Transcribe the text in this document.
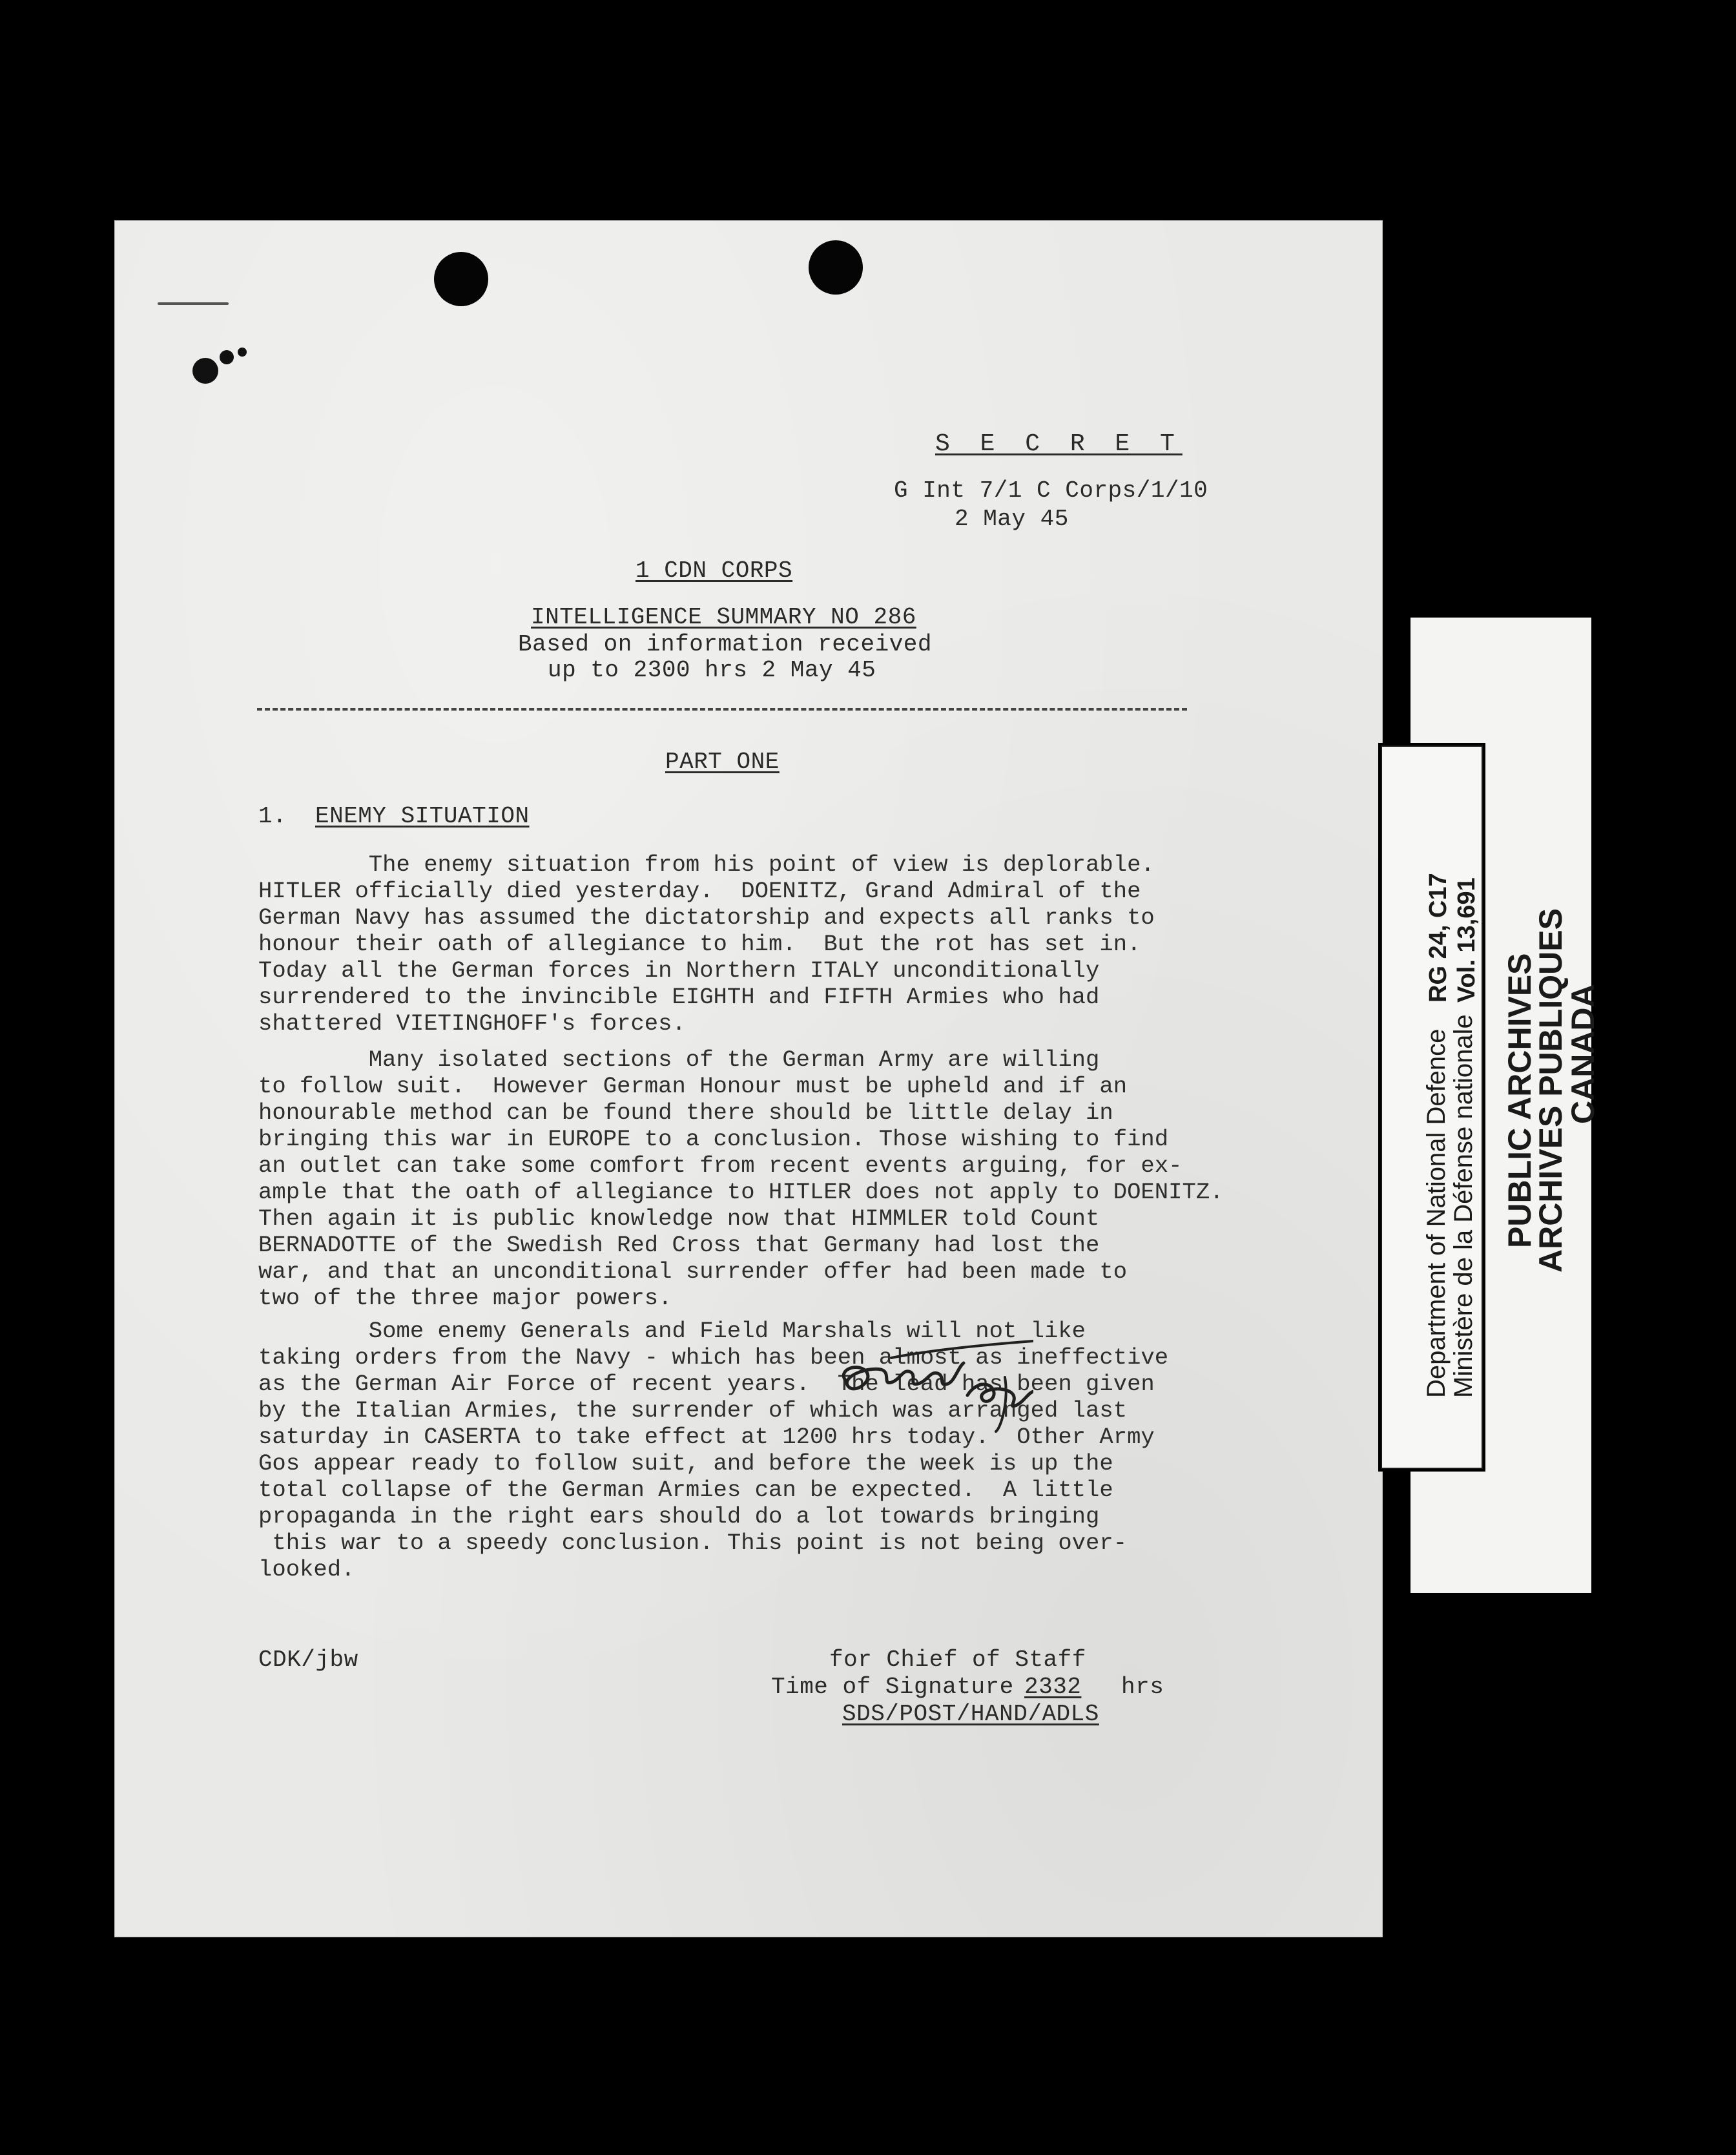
S E C R E T
G Int 7/1 C Corps/1/10
2 May 45
1 CDN CORPS
INTELLIGENCE SUMMARY NO 286
Based on information received
up to 2300 hrs 2 May 45
PART ONE
1. ENEMY SITUATION
The enemy situation from his point of view is deplorable.
HITLER officially died yesterday.  DOENITZ, Grand Admiral of the
German Navy has assumed the dictatorship and expects all ranks to
honour their oath of allegiance to him.  But the rot has set in.
Today all the German forces in Northern ITALY unconditionally
surrendered to the invincible EIGHTH and FIFTH Armies who had
shattered VIETINGHOFF's forces.
Many isolated sections of the German Army are willing
to follow suit.  However German Honour must be upheld and if an
honourable method can be found there should be little delay in
bringing this war in EUROPE to a conclusion. Those wishing to find
an outlet can take some comfort from recent events arguing, for ex-
ample that the oath of allegiance to HITLER does not apply to DOENITZ.
Then again it is public knowledge now that HIMMLER told Count
BERNADOTTE of the Swedish Red Cross that Germany had lost the
war, and that an unconditional surrender offer had been made to
two of the three major powers.
Some enemy Generals and Field Marshals will not like
taking orders from the Navy - which has been almost as ineffective
as the German Air Force of recent years.  The lead has been given
by the Italian Armies, the surrender of which was arranged last
saturday in CASERTA to take effect at 1200 hrs today.  Other Army
Gos appear ready to follow suit, and before the week is up the
total collapse of the German Armies can be expected.  A little
propaganda in the right ears should do a lot towards bringing
this war to a speedy conclusion. This point is not being over-
looked.
CDK/jbw	for Chief of Staff
Time of Signature 2332 hrs
SDS/POST/HAND/ADLS
Department of National Defence
Ministère de la Défense nationale
RG 24, C17 Vol. 13,691
PUBLIC ARCHIVES
ARCHIVES PUBLIQUES
CANADA
